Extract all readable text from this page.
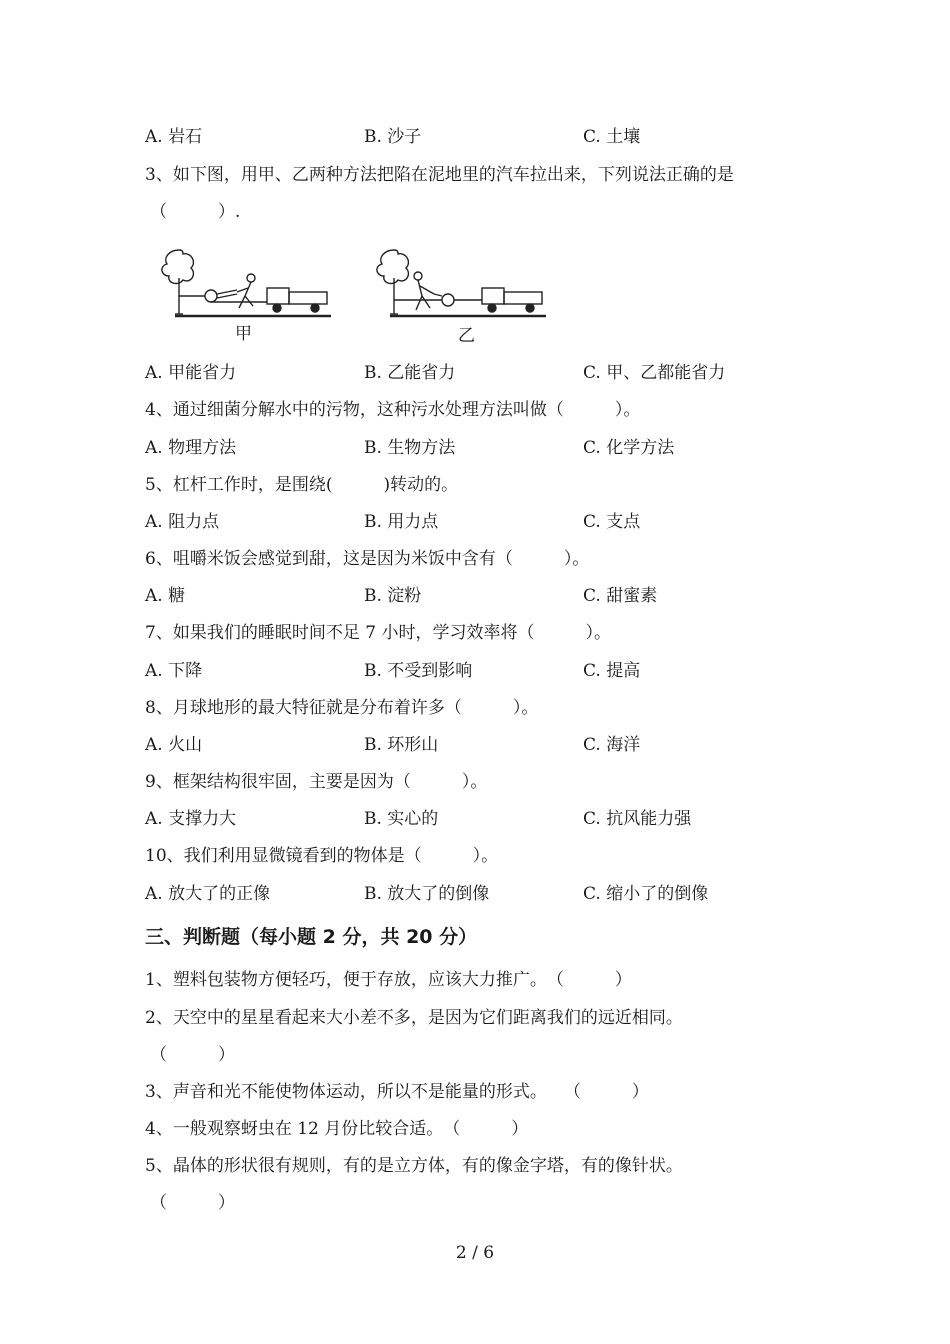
A. 岩石	B. 沙子	C. 土壤
3、如下图，用甲、乙两种方法把陷在泥地里的汽车拉出来，下列说法正确的是
（　　　）.
甲	乙
A. 甲能省力	B. 乙能省力	C. 甲、乙都能省力
4、通过细菌分解水中的污物，这种污水处理方法叫做（　　　）。
A. 物理方法	B. 生物方法	C. 化学方法
5、杠杆工作时，是围绕(　　　)转动的。
A. 阻力点	B. 用力点	C. 支点
6、咀嚼米饭会感觉到甜，这是因为米饭中含有（　　　）。
A. 糖	B. 淀粉	C. 甜蜜素
7、如果我们的睡眠时间不足 7 小时，学习效率将（　　　）。
A. 下降	B. 不受到影响	C. 提高
8、月球地形的最大特征就是分布着许多（　　　）。
A. 火山	B. 环形山	C. 海洋
9、框架结构很牢固，主要是因为（　　　）。
A. 支撑力大	B. 实心的	C. 抗风能力强
10、我们利用显微镜看到的物体是（　　　）。
A. 放大了的正像	B. 放大了的倒像	C. 缩小了的倒像
三、判断题（每小题 2 分，共 20 分）
1、塑料包装物方便轻巧，便于存放，应该大力推广。　（　　　）
2、天空中的星星看起来大小差不多，是因为它们距离我们的远近相同。
（　　　）
3、声音和光不能使物体运动，所以不是能量的形式。　　（　　　）
4、一般观察蚜虫在 12 月份比较合适。　（　　　）
5、晶体的形状很有规则，有的是立方体，有的像金字塔，有的像针状。
（　　　）
2 / 6
